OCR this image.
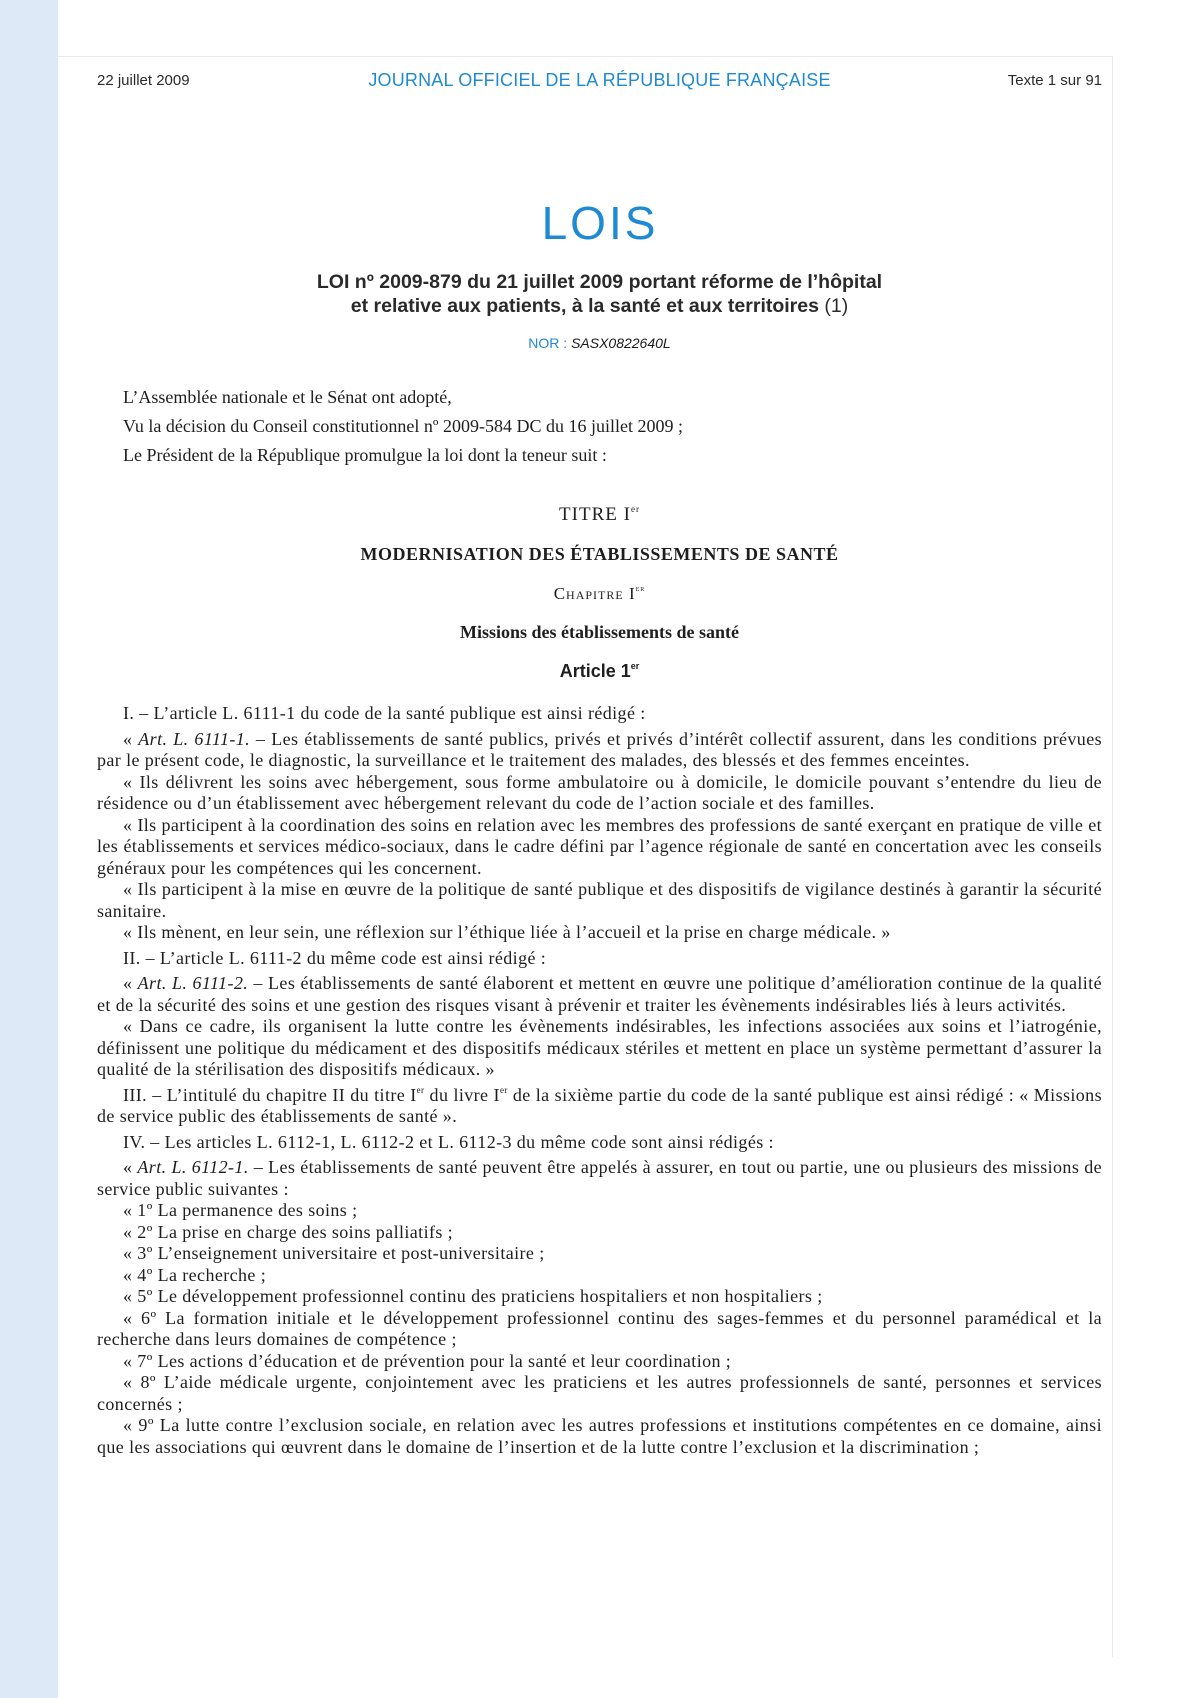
22 juillet 2009	JOURNAL OFFICIEL DE LA RÉPUBLIQUE FRANÇAISE	Texte 1 sur 91
LOIS
LOI nº 2009-879 du 21 juillet 2009 portant réforme de l’hôpital
et relative aux patients, à la santé et aux territoires (1)
NOR : SASX0822640L

L’Assemblée nationale et le Sénat ont adopté,

Vu la décision du Conseil constitutionnel nº 2009-584 DC du 16 juillet 2009 ;

Le Président de la République promulgue la loi dont la teneur suit :

TITRE Ier
MODERNISATION DES ÉTABLISSEMENTS DE SANTÉ
Chapitre Ier
Missions des établissements de santé
Article 1er

I. – L’article L. 6111-1 du code de la santé publique est ainsi rédigé :

« Art. L. 6111-1. – Les établissements de santé publics, privés et privés d’intérêt collectif assurent, dans les conditions prévues par le présent code, le diagnostic, la surveillance et le traitement des malades, des blessés et des femmes enceintes.

« Ils délivrent les soins avec hébergement, sous forme ambulatoire ou à domicile, le domicile pouvant s’entendre du lieu de résidence ou d’un établissement avec hébergement relevant du code de l’action sociale et des familles.

« Ils participent à la coordination des soins en relation avec les membres des professions de santé exerçant en pratique de ville et les établissements et services médico-sociaux, dans le cadre défini par l’agence régionale de santé en concertation avec les conseils généraux pour les compétences qui les concernent.

« Ils participent à la mise en œuvre de la politique de santé publique et des dispositifs de vigilance destinés à garantir la sécurité sanitaire.

« Ils mènent, en leur sein, une réflexion sur l’éthique liée à l’accueil et la prise en charge médicale. »

II. – L’article L. 6111-2 du même code est ainsi rédigé :

« Art. L. 6111-2. – Les établissements de santé élaborent et mettent en œuvre une politique d’amélioration continue de la qualité et de la sécurité des soins et une gestion des risques visant à prévenir et traiter les évènements indésirables liés à leurs activités.

« Dans ce cadre, ils organisent la lutte contre les évènements indésirables, les infections associées aux soins et l’iatrogénie, définissent une politique du médicament et des dispositifs médicaux stériles et mettent en place un système permettant d’assurer la qualité de la stérilisation des dispositifs médicaux. »

III. – L’intitulé du chapitre II du titre Ier du livre Ier de la sixième partie du code de la santé publique est ainsi rédigé : « Missions de service public des établissements de santé ».

IV. – Les articles L. 6112-1, L. 6112-2 et L. 6112-3 du même code sont ainsi rédigés :

« Art. L. 6112-1. – Les établissements de santé peuvent être appelés à assurer, en tout ou partie, une ou plusieurs des missions de service public suivantes :

« 1º La permanence des soins ;

« 2º La prise en charge des soins palliatifs ;

« 3º L’enseignement universitaire et post-universitaire ;

« 4º La recherche ;

« 5º Le développement professionnel continu des praticiens hospitaliers et non hospitaliers ;

« 6º La formation initiale et le développement professionnel continu des sages-femmes et du personnel paramédical et la recherche dans leurs domaines de compétence ;

« 7º Les actions d’éducation et de prévention pour la santé et leur coordination ;

« 8º L’aide médicale urgente, conjointement avec les praticiens et les autres professionnels de santé, personnes et services concernés ;

« 9º La lutte contre l’exclusion sociale, en relation avec les autres professions et institutions compétentes en ce domaine, ainsi que les associations qui œuvrent dans le domaine de l’insertion et de la lutte contre l’exclusion et la discrimination ;
